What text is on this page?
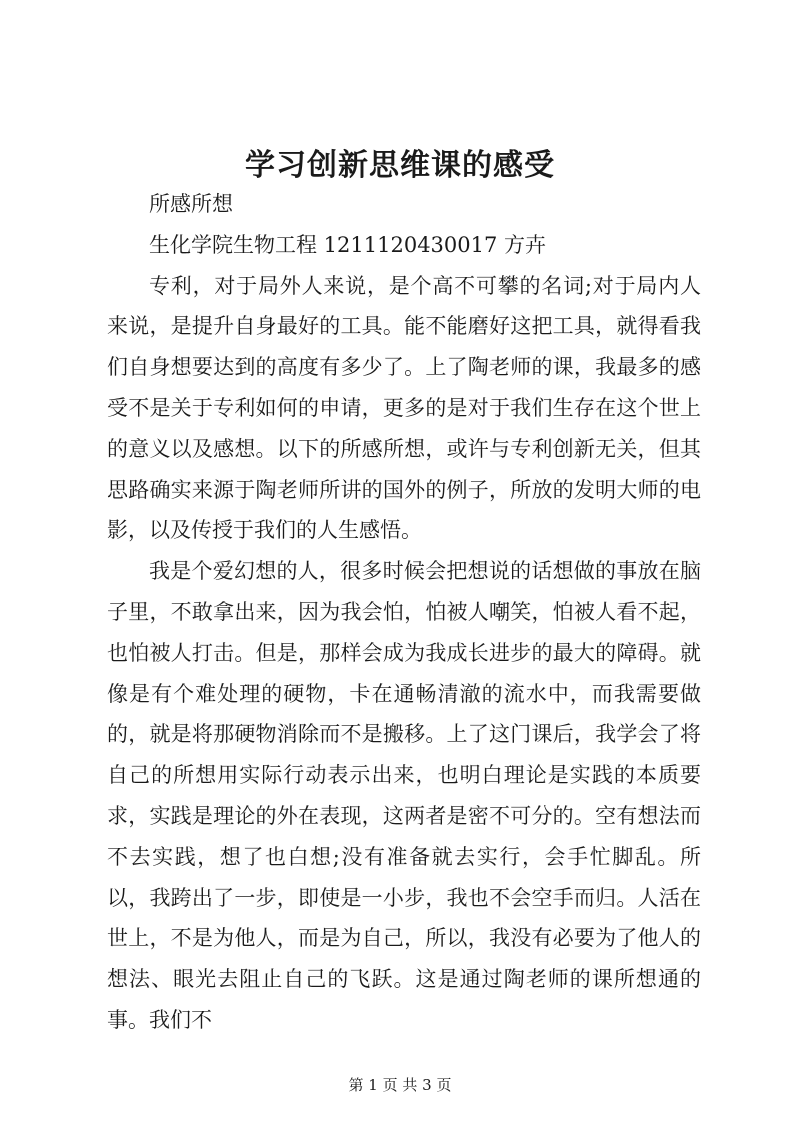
学习创新思维课的感受

所感所想

生化学院生物工程 1211120430017 方卉

专利，对于局外人来说，是个高不可攀的名词;对于局内人来说，是提升自身最好的工具。能不能磨好这把工具，就得看我们自身想要达到的高度有多少了。上了陶老师的课，我最多的感受不是关于专利如何的申请，更多的是对于我们生存在这个世上的意义以及感想。以下的所感所想，或许与专利创新无关，但其思路确实来源于陶老师所讲的国外的例子，所放的发明大师的电影，以及传授于我们的人生感悟。

我是个爱幻想的人，很多时候会把想说的话想做的事放在脑子里，不敢拿出来，因为我会怕，怕被人嘲笑，怕被人看不起，也怕被人打击。但是，那样会成为我成长进步的最大的障碍。就像是有个难处理的硬物，卡在通畅清澈的流水中，而我需要做的，就是将那硬物消除而不是搬移。上了这门课后，我学会了将自己的所想用实际行动表示出来，也明白理论是实践的本质要求，实践是理论的外在表现，这两者是密不可分的。空有想法而不去实践，想了也白想;没有准备就去实行，会手忙脚乱。所以，我跨出了一步，即使是一小步，我也不会空手而归。人活在世上，不是为他人，而是为自己，所以，我没有必要为了他人的想法、眼光去阻止自己的飞跃。这是通过陶老师的课所想通的事。我们不

第 1 页 共 3 页
